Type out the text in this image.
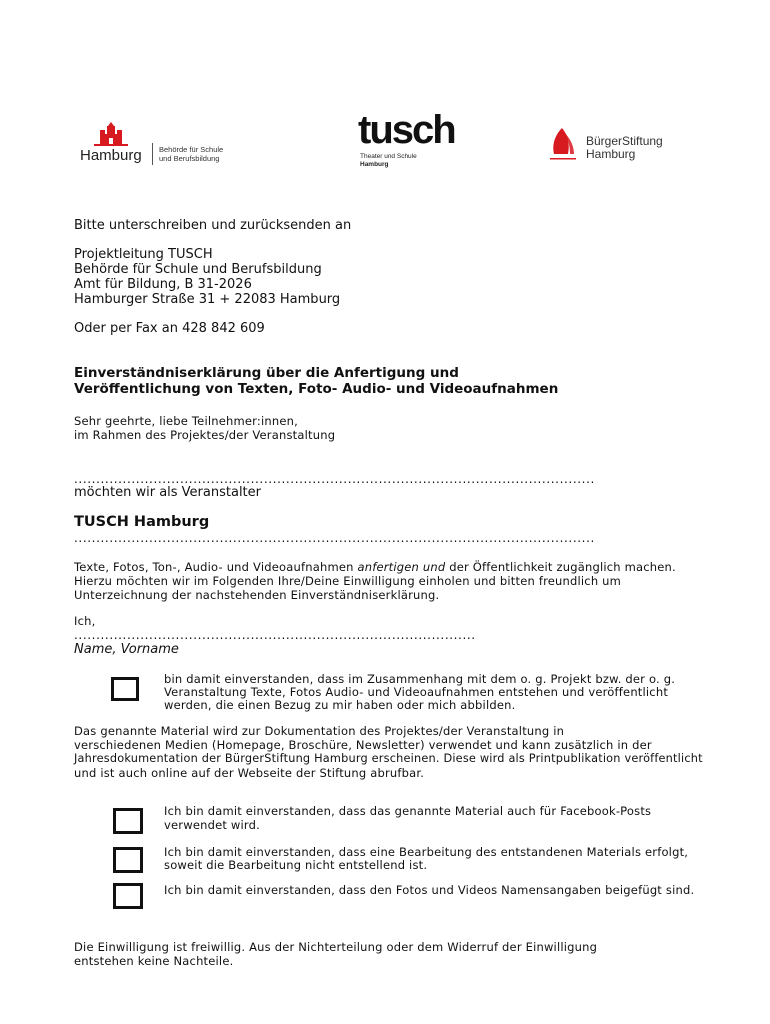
Hamburg Behörde für Schule
und Berufsbildung
tusch
Theater und Schule
Hamburg
BürgerStiftung
Hamburg
Bitte unterschreiben und zurücksenden an
Projektleitung TUSCH
Behörde für Schule und Berufsbildung
Amt für Bildung, B 31-2026
Hamburger Straße 31 + 22083 Hamburg
Oder per Fax an 428 842 609
Einverständniserklärung über die Anfertigung und
Veröffentlichung von Texten, Foto- Audio- und Videoaufnahmen
Sehr geehrte, liebe Teilnehmer:innen,
im Rahmen des Projektes/der Veranstaltung
......................................................................................................................
möchten wir als Veranstalter
TUSCH Hamburg
......................................................................................................................
Texte, Fotos, Ton-, Audio- und Videoaufnahmen anfertigen und der Öffentlichkeit zugänglich machen.
Hierzu möchten wir im Folgenden Ihre/Deine Einwilligung einholen und bitten freundlich um
Unterzeichnung der nachstehenden Einverständniserklärung.
Ich,
...........................................................................................
Name, Vorname
bin damit einverstanden, dass im Zusammenhang mit dem o. g. Projekt bzw. der o. g.
Veranstaltung Texte, Fotos Audio- und Videoaufnahmen entstehen und veröffentlicht
werden, die einen Bezug zu mir haben oder mich abbilden.
Das genannte Material wird zur Dokumentation des Projektes/der Veranstaltung in
verschiedenen Medien (Homepage, Broschüre, Newsletter) verwendet und kann zusätzlich in der
Jahresdokumentation der BürgerStiftung Hamburg erscheinen. Diese wird als Printpublikation veröffentlicht
und ist auch online auf der Webseite der Stiftung abrufbar.
Ich bin damit einverstanden, dass das genannte Material auch für Facebook-Posts
verwendet wird.
Ich bin damit einverstanden, dass eine Bearbeitung des entstandenen Materials erfolgt,
soweit die Bearbeitung nicht entstellend ist.
Ich bin damit einverstanden, dass den Fotos und Videos Namensangaben beigefügt sind.
Die Einwilligung ist freiwillig. Aus der Nichterteilung oder dem Widerruf der Einwilligung
entstehen keine Nachteile.
